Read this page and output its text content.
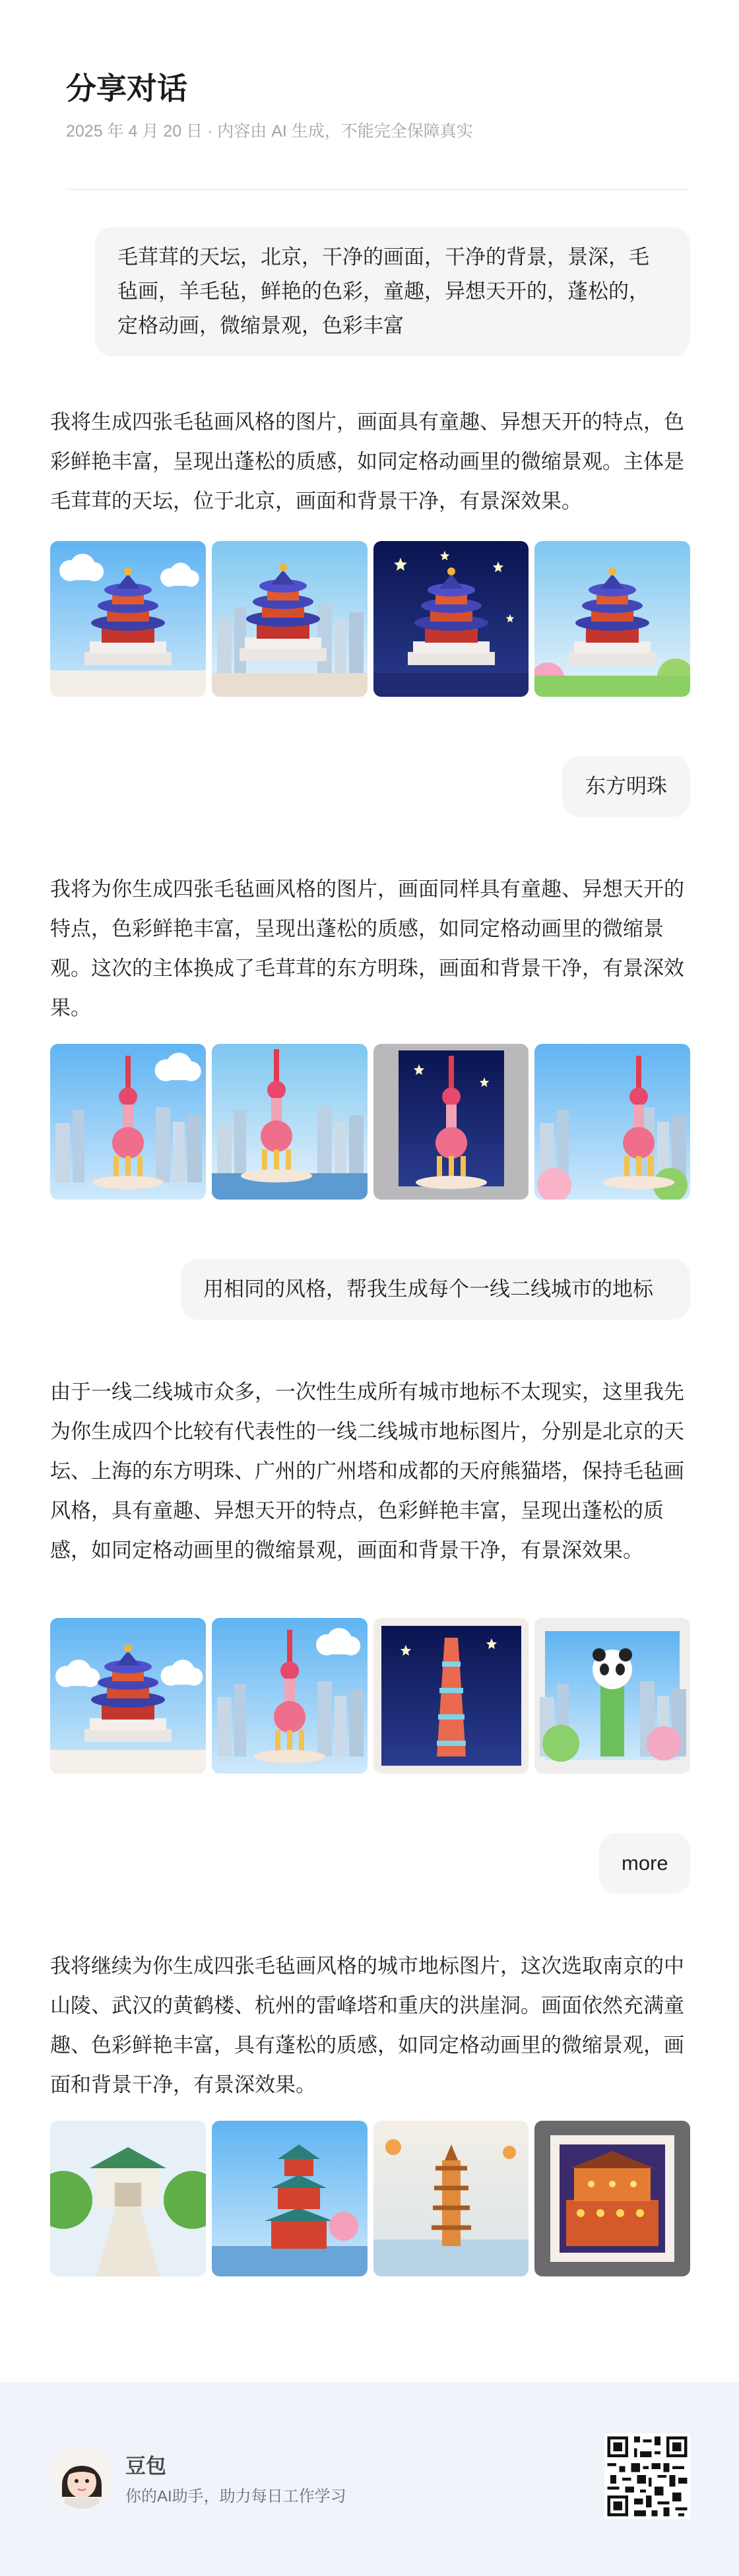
分享对话
2025 年 4 月 20 日 · 内容由 AI 生成，不能完全保障真实
毛茸茸的天坛，北京，干净的画面，干净的背景，景深，毛毡画，羊毛毡，鲜艳的色彩，童趣，异想天开的，蓬松的，定格动画，微缩景观，色彩丰富
我将生成四张毛毡画风格的图片，画面具有童趣、异想天开的特点，色彩鲜艳丰富，呈现出蓬松的质感，如同定格动画里的微缩景观。主体是毛茸茸的天坛，位于北京，画面和背景干净，有景深效果。
东方明珠
我将为你生成四张毛毡画风格的图片，画面同样具有童趣、异想天开的特点，色彩鲜艳丰富，呈现出蓬松的质感，如同定格动画里的微缩景观。这次的主体换成了毛茸茸的东方明珠，画面和背景干净，有景深效果。
用相同的风格，帮我生成每个一线二线城市的地标
由于一线二线城市众多，一次性生成所有城市地标不太现实，这里我先为你生成四个比较有代表性的一线二线城市地标图片，分别是北京的天坛、上海的东方明珠、广州的广州塔和成都的天府熊猫塔，保持毛毡画风格，具有童趣、异想天开的特点，色彩鲜艳丰富，呈现出蓬松的质感，如同定格动画里的微缩景观，画面和背景干净，有景深效果。
more
我将继续为你生成四张毛毡画风格的城市地标图片，这次选取南京的中山陵、武汉的黄鹤楼、杭州的雷峰塔和重庆的洪崖洞。画面依然充满童趣、色彩鲜艳丰富，具有蓬松的质感，如同定格动画里的微缩景观，画面和背景干净，有景深效果。
豆包
你的AI助手，助力每日工作学习
